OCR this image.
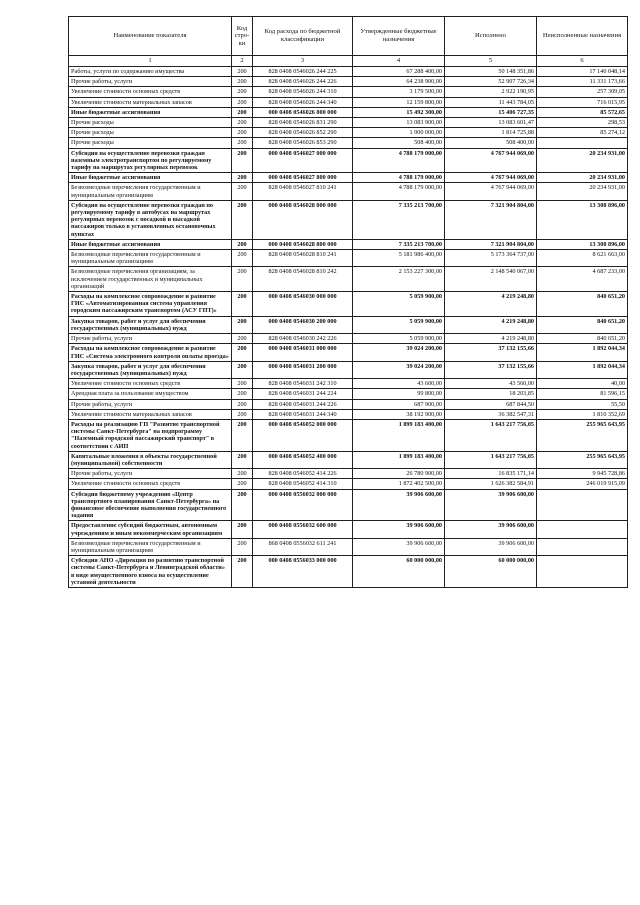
Наименование показателя	Код стро-ки	Код расхода по бюджетной классификации	Утвержденные бюджетные назначения	Исполнено	Неисполненные назначения
1	2	3	4	5	6
Работы, услуги по содержанию имущества	200	828 0408 0546026 244 225	67 288 400,00	50 148 351,86	17 140 048,14
Прочие работы, услуги	200	828 0408 0546026 244 226	64 238 900,00	52 907 726,34	11 331 173,66
Увеличение стоимости основных средств	200	828 0408 0546026 244 310	3 179 500,00	2 922 190,95	257 309,05
Увеличение стоимости материальных запасов	200	828 0408 0546026 244 340	12 159 800,00	11 443 784,05	716 015,95
Иные бюджетные ассигнования	200	000 0408 0546026 800 000	15 492 300,00	15 406 727,35	85 572,65
Прочие расходы	200	828 0408 0546026 831 290	13 083 900,00	13 083 601,47	298,53
Прочие расходы	200	828 0408 0546026 852 290	1 900 000,00	1 814 725,88	85 274,12
Прочие расходы	200	828 0408 0546026 853 290	508 400,00	508 400,00	
Субсидия на осуществление перевозки граждан наземным электротранспортом по регулируемому тарифу на маршрутах регулярных перевозок	200	000 0408 0546027 000 000	4 788 179 000,00	4 767 944 069,00	20 234 931,00
Иные бюджетные ассигнования	200	000 0408 0546027 800 000	4 788 179 000,00	4 767 944 069,00	20 234 931,00
Безвозмездные перечисления государственным и муниципальным организациям	200	828 0408 0546027 810 241	4 788 179 000,00	4 767 944 069,00	20 234 931,00
Субсидия на осуществление перевозки граждан по регулируемому тарифу в автобусах на маршрутах регулярных перевозок с посадкой и высадкой пассажиров только в установленных остановочных пунктах	200	000 0408 0546028 000 000	7 335 213 700,00	7 321 904 804,00	13 308 896,00
Иные бюджетные ассигнования	200	000 0408 0546028 800 000	7 335 213 700,00	7 321 904 804,00	13 308 896,00
Безвозмездные перечисления государственным и муниципальным организациям	200	828 0408 0546028 810 241	5 181 986 400,00	5 173 364 737,00	8 621 663,00
Безвозмездные перечисления организациям, за исключением государственных и муниципальных организаций	200	828 0408 0546028 810 242	2 153 227 300,00	2 148 540 067,00	4 687 233,00
Расходы на комплексное сопровождение и развитие ГИС «Автоматизированная система управления городским пассажирским транспортом (АСУ ГПТ)»	200	000 0408 0546030 000 000	5 059 900,00	4 219 248,80	840 651,20
Закупка товаров, работ и услуг для обеспечения государственных (муниципальных) нужд	200	000 0408 0546030 200 000	5 059 900,00	4 219 248,80	840 651,20
Прочие работы, услуги	200	828 0408 0546030 242 226	5 059 900,00	4 219 248,80	840 651,20
Расходы на комплексное сопровождение и развитие ГИС «Система электронного контроля оплаты проезда»	200	000 0408 0546031 000 000	39 024 200,00	37 132 155,66	1 892 044,34
Закупка товаров, работ и услуг для обеспечения государственных (муниципальных) нужд	200	000 0408 0546031 200 000	39 024 200,00	37 132 155,66	1 892 044,34
Увеличение стоимости основных средств	200	828 0408 0546031 242 310	43 600,00	43 560,00	40,00
Арендная плата за пользование имуществом	200	828 0408 0546031 244 224	99 800,00	18 203,85	81 596,15
Прочие работы, услуги	200	828 0408 0546031 244 226	687 900,00	687 844,50	55,50
Увеличение стоимости материальных запасов	200	828 0408 0546031 244 340	38 192 900,00	36 382 547,31	1 810 352,69
Расходы на реализацию ГП "Развитие транспортной системы Санкт-Петербурга" на подпрограмму "Наземный городской пассажирский транспорт" в соответствии с АИП	200	000 0408 0546052 000 000	1 899 183 400,00	1 643 217 756,05	255 965 643,95
Капитальные вложения в объекты государственной (муниципальной) собственности	200	000 0408 0546052 400 000	1 899 183 400,00	1 643 217 756,05	255 965 643,95
Прочие работы, услуги	200	828 0408 0546052 414 226	26 780 900,00	16 835 171,14	9 945 728,86
Увеличение стоимости основных средств	200	828 0408 0546052 414 310	1 872 402 500,00	1 626 382 584,91	246 019 915,09
Субсидия бюджетному учреждению «Центр транспортного планирования Санкт-Петербурга» на финансовое обеспечение выполнения государственного задания	200	000 0408 0556032 000 000	39 906 600,00	39 906 600,00	
Предоставление субсидий бюджетным, автономным учреждениям и иным некоммерческим организациям	200	000 0408 0556032 600 000	39 906 600,00	39 906 600,00	
Безвозмездные перечисления государственным и муниципальным организациям	200	868 0408 0556032 611 241	39 906 600,00	39 906 600,00	
Субсидия АНО «Дирекция по развитию транспортной системы Санкт-Петербурга и Ленинградской области» в виде имущественного взноса на осуществление уставной деятельности	200	000 0408 0556033 000 000	60 000 000,00	60 000 000,00	
